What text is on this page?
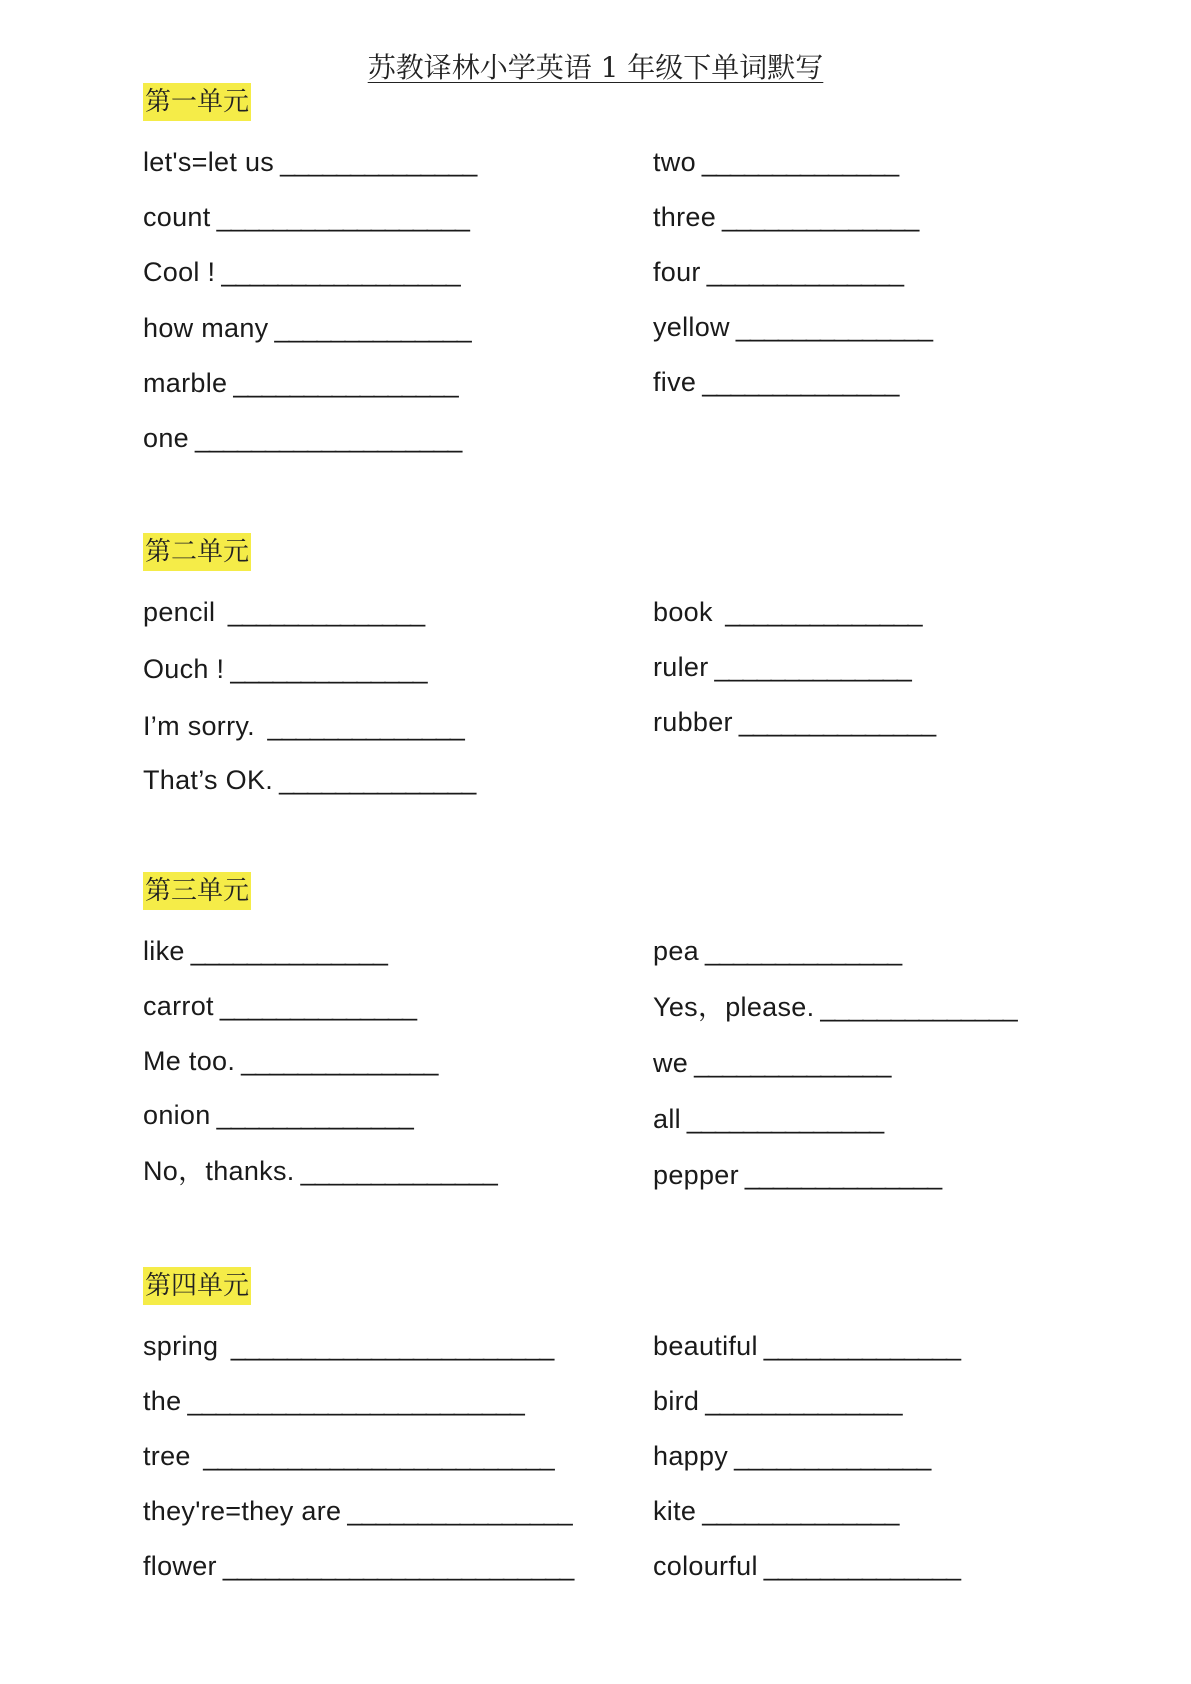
苏教译林小学英语 1 年级下单词默写
第一单元
let's=let us ______________
count __________________
Cool ! _________________
how many ______________
marble ________________
one ___________________
two ______________
three ______________
four ______________
yellow ______________
five ______________
第二单元
pencil ______________
Ouch ! ______________
I’m sorry. ______________
That’s OK. ______________
book ______________
ruler ______________
rubber ______________
第三单元
like ______________
carrot ______________
Me too. ______________
onion ______________
No，thanks. ______________
pea ______________
Yes，please. ______________
we ______________
all ______________
pepper ______________
第四单元
spring _______________________
the ________________________
tree _________________________
they're=they are ________________
flower _________________________
beautiful ______________
bird ______________
happy ______________
kite ______________
colourful ______________
